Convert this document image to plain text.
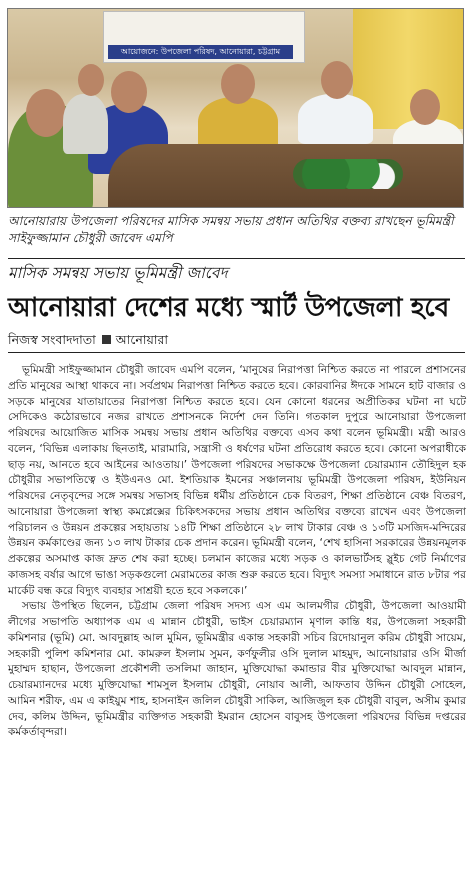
আয়োজনে: উপজেলা পরিষদ, আনোয়ারা, চট্টগ্রাম
আনোয়ারায় উপজেলা পরিষদের মাসিক সমন্বয় সভায় প্রধান অতিথির বক্তব্য রাখছেন ভূমিমন্ত্রী সাইফুজ্জামান চৌধুরী জাবেদ এমপি
মাসিক সমন্বয় সভায় ভূমিমন্ত্রী জাবেদ
আনোয়ারা দেশের মধ্যে স্মার্ট উপজেলা হবে
নিজস্ব সংবাদদাতা আনোয়ারা

ভূমিমন্ত্রী সাইফুজ্জামান চৌধুরী জাবেদ এমপি বলেন, ‘মানুষের নিরাপত্তা নিশ্চিত করতে না পারলে প্রশাসনের প্রতি মানুষের আস্থা থাকবে না। সর্বপ্রথম নিরাপত্তা নিশ্চিত করতে হবে। কোরবানির ঈদকে সামনে হাট বাজার ও সড়কে মানুষের যাতায়াতের নিরাপত্তা নিশ্চিত করতে হবে। যেন কোনো ধরনের অপ্রীতিকর ঘটনা না ঘটে সেদিকেও কঠোরভাবে নজর রাখতে প্রশাসনকে নির্দেশ দেন তিনি। গতকাল দুপুরে আনোয়ারা উপজেলা পরিষদের আয়োজিত মাসিক সমন্বয় সভায় প্রধান অতিথির বক্তব্যে এসব কথা বলেন ভূমিমন্ত্রী। মন্ত্রী আরও বলেন, ‘বিভিন্ন এলাকায় ছিনতাই, মারামারি, সন্ত্রাসী ও ধর্ষণের ঘটনা প্রতিরোধ করতে হবে। কোনো অপরাধীকে ছাড় নয়, আনতে হবে আইনের আওতায়।’ উপজেলা পরিষদের সভাকক্ষে উপজেলা চেয়ারম্যান তৌহিদুল হক চৌধুরীর সভাপতিত্বে ও ইউএনও মো. ইশতিয়াক ইমনের সঞ্চালনায় ভূমিমন্ত্রী উপজেলা পরিষদ, ইউনিয়ন পরিষদের নেতৃবৃন্দের সঙ্গে সমন্বয় সভাসহ বিভিন্ন ধর্মীয় প্রতিষ্ঠানে চেক বিতরণ, শিক্ষা প্রতিষ্ঠানে বেঞ্চ বিতরণ, আনোয়ারা উপজেলা স্বাস্থ্য কমপ্লেক্সের চিকিৎসকদের সভায় প্রধান অতিথির বক্তব্যে রাখেন এবং উপজেলা পরিচালন ও উন্নয়ন প্রকল্পের সহায়তায় ১৪টি শিক্ষা প্রতিষ্ঠানে ২৮ লাখ টাকার বেঞ্চ ও ১৩টি মসজিদ-মন্দিরের উন্নয়ন কর্মকাণ্ডের জন্য ১৩ লাখ টাকার চেক প্রদান করেন। ভূমিমন্ত্রী বলেন, ‘শেখ হাসিনা সরকারের উন্নয়নমূলক প্রকল্পের অসমাপ্ত কাজ দ্রুত শেষ করা হচ্ছে। চলমান কাজের মধ্যে সড়ক ও কালভার্টসহ স্লুইচ গেট নির্মাণের কাজসহ বর্ষার আগে ভাঙা সড়কগুলো মেরামতের কাজ শুরু করতে হবে। বিদ্যুৎ সমস্যা সমাধানে রাত ৮টার পর মার্কেট বন্ধ করে বিদ্যুৎ ব্যবহার সাশ্রয়ী হতে হবে সকলকে।’

সভায় উপস্থিত ছিলেন, চট্টগ্রাম জেলা পরিষদ সদস্য এস এম আলমগীর চৌধুরী, উপজেলা আওয়ামী লীগের সভাপতি অধ্যাপক এম এ মান্নান চৌধুরী, ভাইস চেয়ারম্যান মৃণাল কান্তি ধর, উপজেলা সহকারী কমিশনার (ভূমি) মো. আবদুল্লাহ আল মুমিন, ভূমিমন্ত্রীর একান্ত সহকারী সচিব রিদোয়ানুল করিম চৌধুরী সায়েম, সহকারী পুলিশ কমিশনার মো. কামরুল ইসলাম সুমন, কর্ণফুলীর ওসি দুলাল মাহমুদ, আনোয়ারার ওসি মীর্জা মুহাম্মদ হাছান, উপজেলা প্রকৌশলী তসলিমা জাহান, মুক্তিযোদ্ধা কমান্ডার বীর মুক্তিযোদ্ধা আবদুল মান্নান, চেয়ারম্যানদের মধ্যে মুক্তিযোদ্ধা শামসুল ইসলাম চৌধুরী, নোয়াব আলী, আফতাব উদ্দিন চৌধুরী সোহেল, আমিন শরীফ, এম এ কাইয়ুম শাহ, হাসনাইন জলিল চৌধুরী সাকিল, আজিজুল হক চৌধুরী বাবুল, অসীম কুমার দেব, কলিম উদ্দিন, ভূমিমন্ত্রীর ব্যক্তিগত সহকারী ইমরান হোসেন বাবুসহ উপজেলা পরিষদের বিভিন্ন দপ্তরের কর্মকর্তাবৃন্দরা।
